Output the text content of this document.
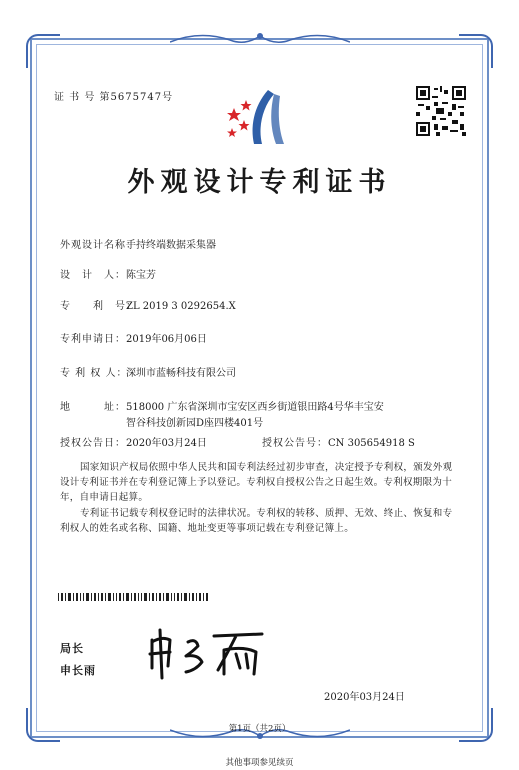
证 书 号 第5675747号
外观设计专利证书
外观设计名称：手持终端数据采集器
设　计　人：陈宝芳
专　　利　号：ZL 2019 3 0292654.X
专利申请日：2019年06月06日
专 利 权 人：深圳市蓝畅科技有限公司
地　　　址：518000 广东省深圳市宝安区西乡街道银田路4号华丰宝安
智谷科技创新园D座四楼401号
授权公告日：2020年03月24日	授权公告号：CN 305654918 S
国家知识产权局依照中华人民共和国专利法经过初步审查，决定授予专利权，颁发外观设计专利证书并在专利登记簿上予以登记。专利权自授权公告之日起生效。专利权期限为十年，自申请日起算。
专利证书记载专利权登记时的法律状况。专利权的转移、质押、无效、终止、恢复和专利权人的姓名或名称、国籍、地址变更等事项记载在专利登记簿上。
局长
申长雨
2020年03月24日
第1页（共2页）
其他事项参见续页
